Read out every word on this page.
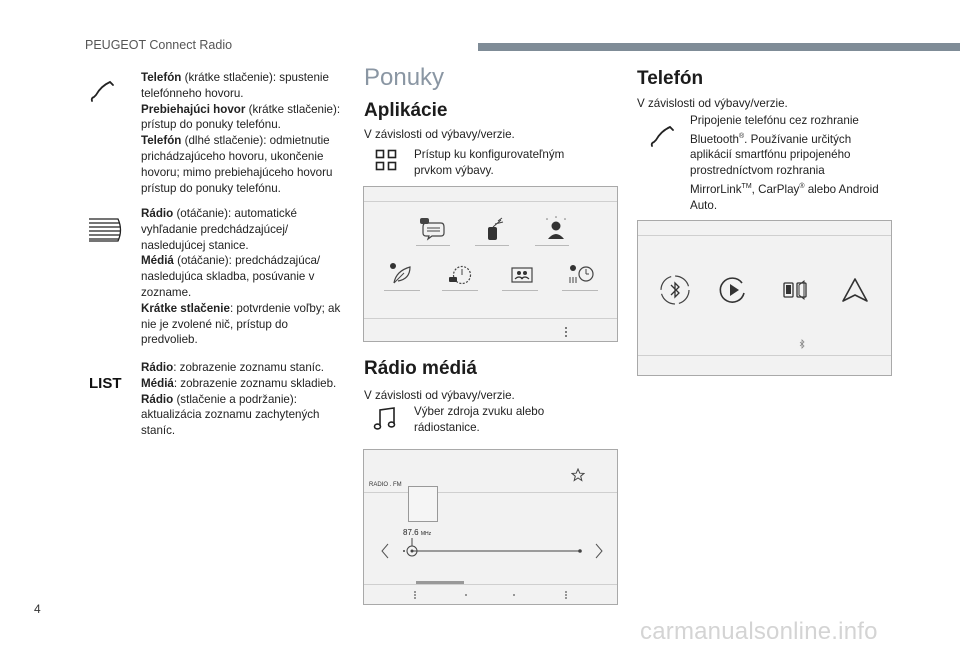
PEUGEOT Connect Radio
Telefón (krátke stlačenie): spustenie telefónneho hovoru.
Prebiehajúci hovor (krátke stlačenie): prístup do ponuky telefónu.
Telefón (dlhé stlačenie): odmietnutie prichádzajúceho hovoru, ukončenie hovoru; mimo prebiehajúceho hovoru prístup do ponuky telefónu.
Rádio (otáčanie): automatické vyhľadanie predchádzajúcej/ nasledujúcej stanice.
Médiá (otáčanie): predchádzajúca/ nasledujúca skladba, posúvanie v zozname.
Krátke stlačenie: potvrdenie voľby; ak nie je zvolené nič, prístup do predvolieb.
LIST
Rádio: zobrazenie zoznamu staníc.
Médiá: zobrazenie zoznamu skladieb.
Rádio (stlačenie a podržanie): aktualizácia zoznamu zachytených staníc.
Ponuky
Aplikácie
V závislosti od výbavy/verzie.
Prístup ku konfigurovateľným prvkom výbavy.
Rádio médiá
V závislosti od výbavy/verzie.
Výber zdroja zvuku alebo rádiostanice.
RADIO . FM
87.6 MHz
Telefón
V závislosti od výbavy/verzie.
Pripojenie telefónu cez rozhranie Bluetooth®. Používanie určitých aplikácií smartfónu pripojeného prostredníctvom rozhrania MirrorLink™, CarPlay® alebo Android Auto.
4
carmanualsonline.info
